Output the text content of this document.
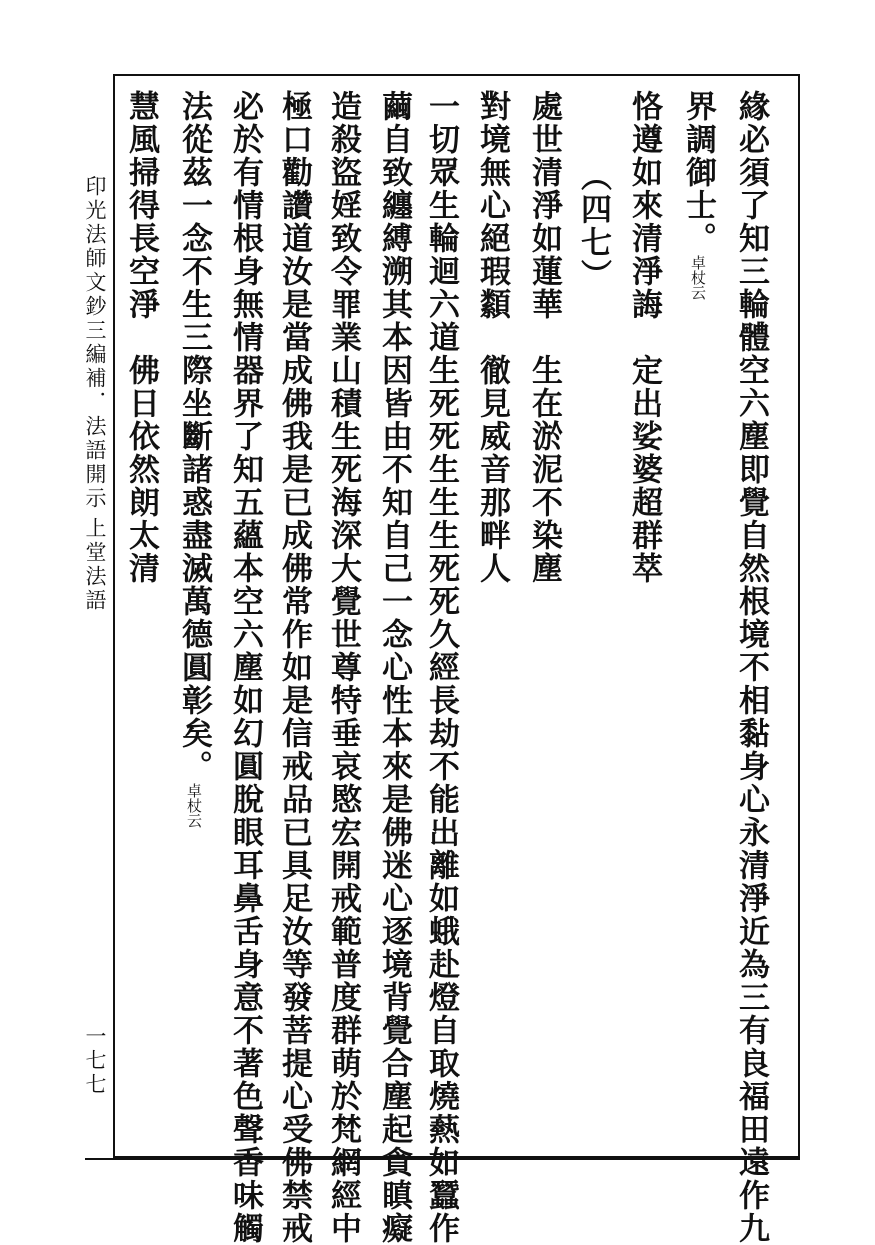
印光法師文鈔三編補．法語開示
上堂法語
一七七	緣必須了知三輪體空六塵即覺自然根境不相黏身心永清淨近為三有良福田遠作九
界調御士。卓杖云
恪遵如來清淨誨　定出娑婆超群萃
（四七）
處世清淨如蓮華　生在淤泥不染塵
對境無心絕瑕纇　徹見威音那畔人
一切眾生輪迴六道生死死生生生死死久經長劫不能出離如蛾赴燈自取燒爇如蠶作
繭自致纏縛溯其本因皆由不知自己一念心性本來是佛迷心逐境背覺合塵起貪瞋癡
造殺盜婬致令罪業山積生死海深大覺世尊特垂哀愍宏開戒範普度群萌於梵網經中
極口勸讚道汝是當成佛我是已成佛常作如是信戒品已具足汝等發菩提心受佛禁戒
必於有情根身無情器界了知五蘊本空六塵如幻圓脫眼耳鼻舌身意不著色聲香味觸
法從茲一念不生三際坐斷諸惑盡滅萬德圓彰矣。卓杖云
慧風掃得長空淨　佛日依然朗太清
